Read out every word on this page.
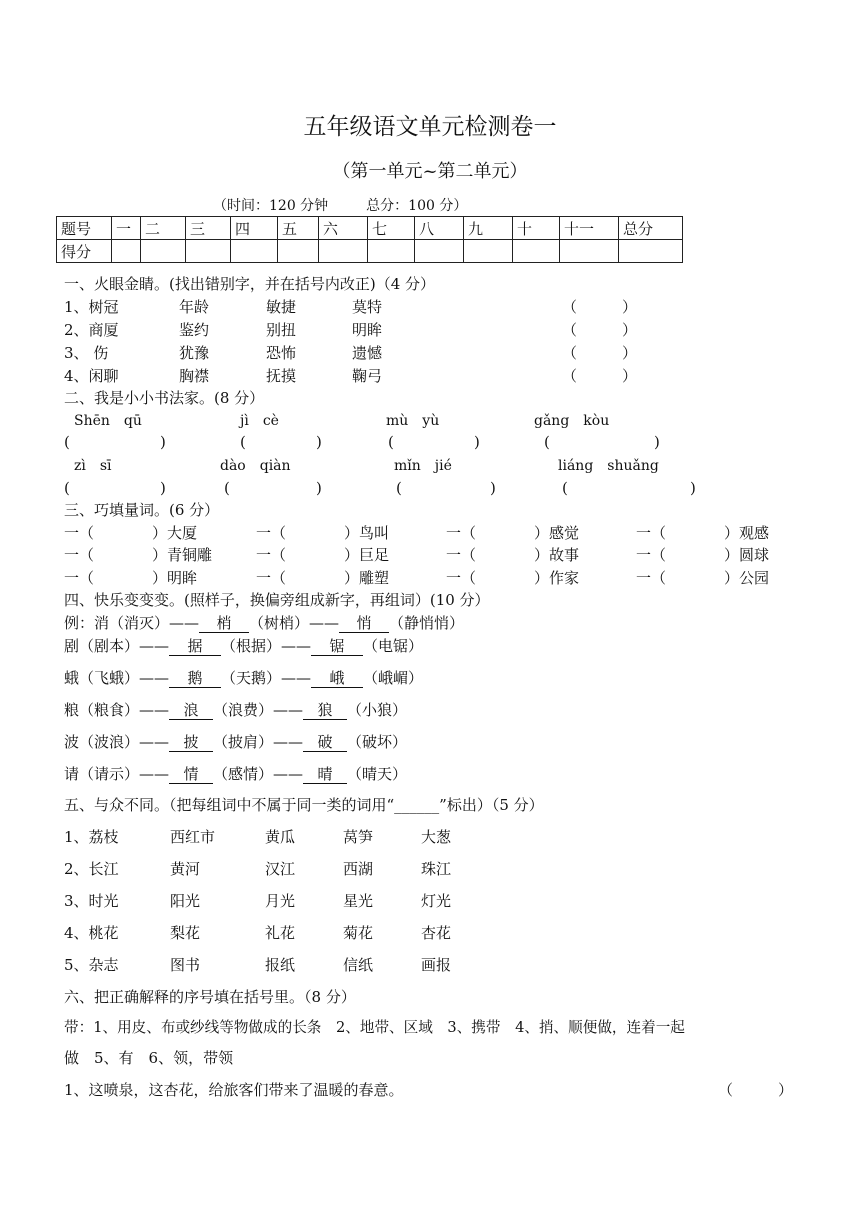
五年级语文单元检测卷一
（第一单元~第二单元）
（时间：120 分钟	总分：100 分）
题号	一	二	三	四	五	六	七	八	九	十	十一	总分
得分												
一、火眼金睛。(找出错别字，并在括号内改正)（4 分）
1、树冠	年龄	敏捷	莫特	（　　　）
2、商厦	鉴约	别扭	明眸	（　　　）
3、 伤	犹豫	恐怖	遗憾	（　　　）
4、闲聊	胸襟	抚摸	鞠弓	（　　　）
二、我是小小书法家。(8 分）
Shēn　qū	jì　cè	mù　yù	gǎng　kòu
(	)	(	)	(	)	(	)
zì　sī	dào　qiàn	mǐn　jié	liáng　shuǎng
(	)	(	)	(	)	(	)
三、巧填量词。(6 分）
一（	）大厦	一（	）鸟叫	一（	）感觉	一（	）观感
一（	）青铜雕	一（	）巨足	一（	）故事	一（	）圆球
一（	）明眸	一（	）雕塑	一（	）作家	一（	）公园
四、快乐变变变。(照样子，换偏旁组成新字，再组词）(10 分）
例：消（消灭）—— 梢 （树梢）—— 悄 （静悄悄）
剧（剧本）—— 据 （根据）—— 锯 （电锯）
蛾（飞蛾）—— 鹅 （天鹅）—— 峨 （峨嵋）
粮（粮食）—— 浪 （浪费）—— 狼 （小狼）
波（波浪）—— 披 （披肩）—— 破 （破坏）
请（请示）—— 情 （感情）—— 晴 （晴天）
五、与众不同。（把每组词中不属于同一类的词用“______”标出）（5 分）
1、荔枝	西红市	黄瓜	莴笋	大葱
2、长江	黄河	汉江	西湖	珠江
3、时光	阳光	月光	星光	灯光
4、桃花	梨花	礼花	菊花	杏花
5、杂志	图书	报纸	信纸	画报
六、把正确解释的序号填在括号里。（8 分）
带：1、用皮、布或纱线等物做成的长条　2、地带、区域　3、携带　4、捎、顺便做，连着一起
做　5、有　6、领，带领
1、这喷泉，这杏花，给旅客们带来了温暖的春意。	（　　　）
